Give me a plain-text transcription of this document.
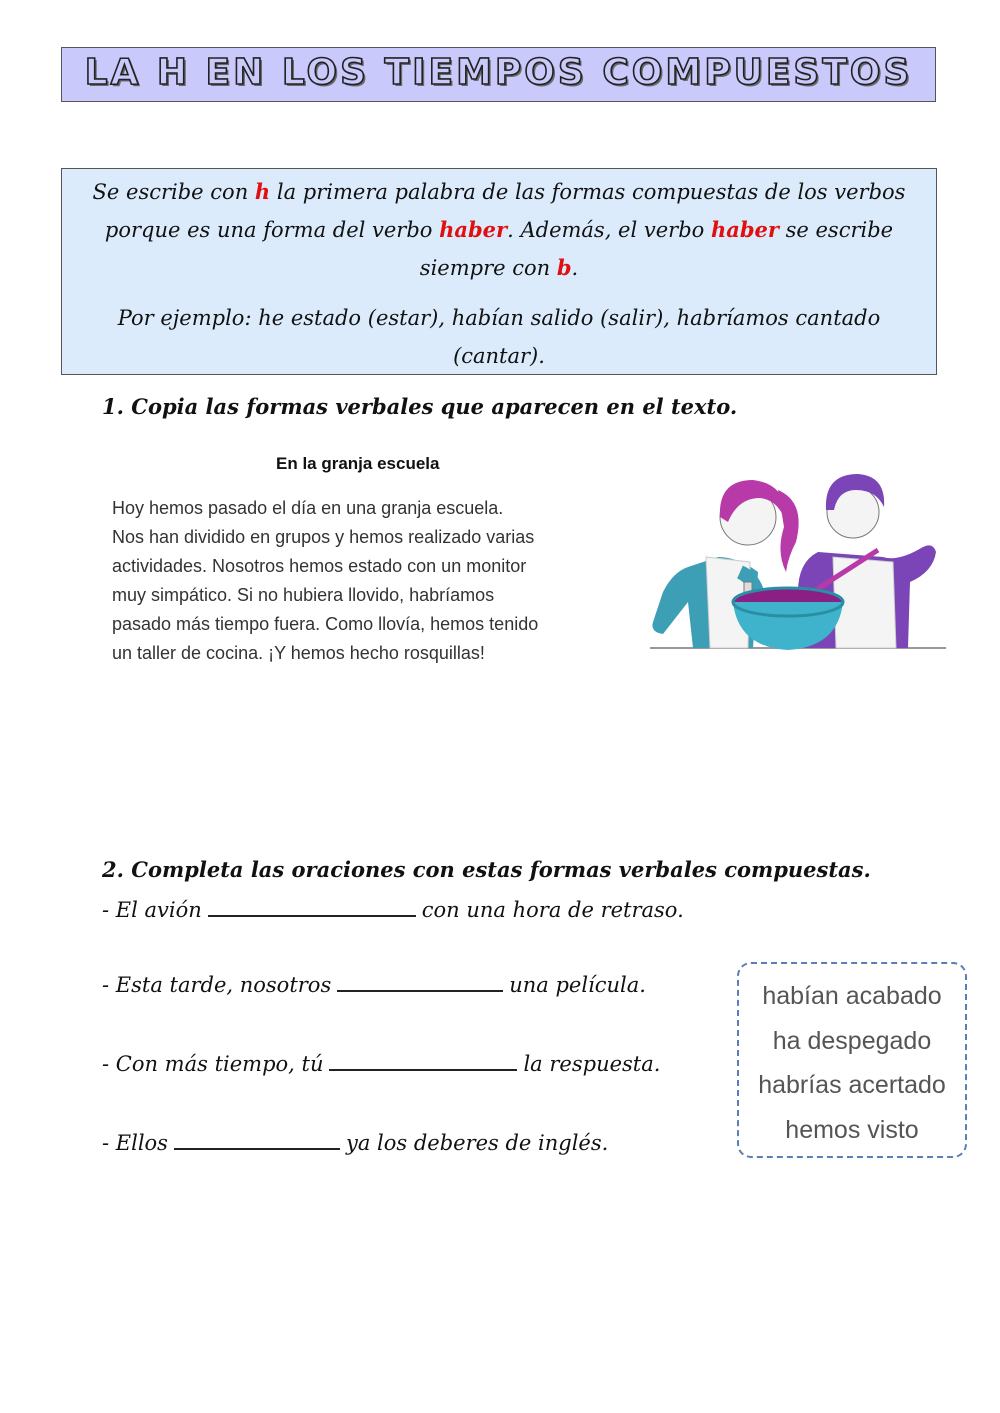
LA H EN LOS TIEMPOS COMPUESTOS

Se escribe con h la primera palabra de las formas compuestas de los verbos porque es una forma del verbo haber. Además, el verbo haber se escribe siempre con b.

Por ejemplo: he estado (estar), habían salido (salir), habríamos cantado (cantar).

1. Copia las formas verbales que aparecen en el texto.
En la granja escuela
Hoy hemos pasado el día en una granja escuela.
Nos han dividido en grupos y hemos realizado varias
actividades. Nosotros hemos estado con un monitor
muy simpático. Si no hubiera llovido, habríamos
pasado más tiempo fuera. Como llovía, hemos tenido
un taller de cocina. ¡Y hemos hecho rosquillas!
2. Completa las oraciones con estas formas verbales compuestas.
- El avión	con una hora de retraso.
- Esta tarde, nosotros	una película.
- Con más tiempo, tú	la respuesta.
- Ellos	ya los deberes de inglés.
habían acabado
ha despegado
habrías acertado
hemos visto
